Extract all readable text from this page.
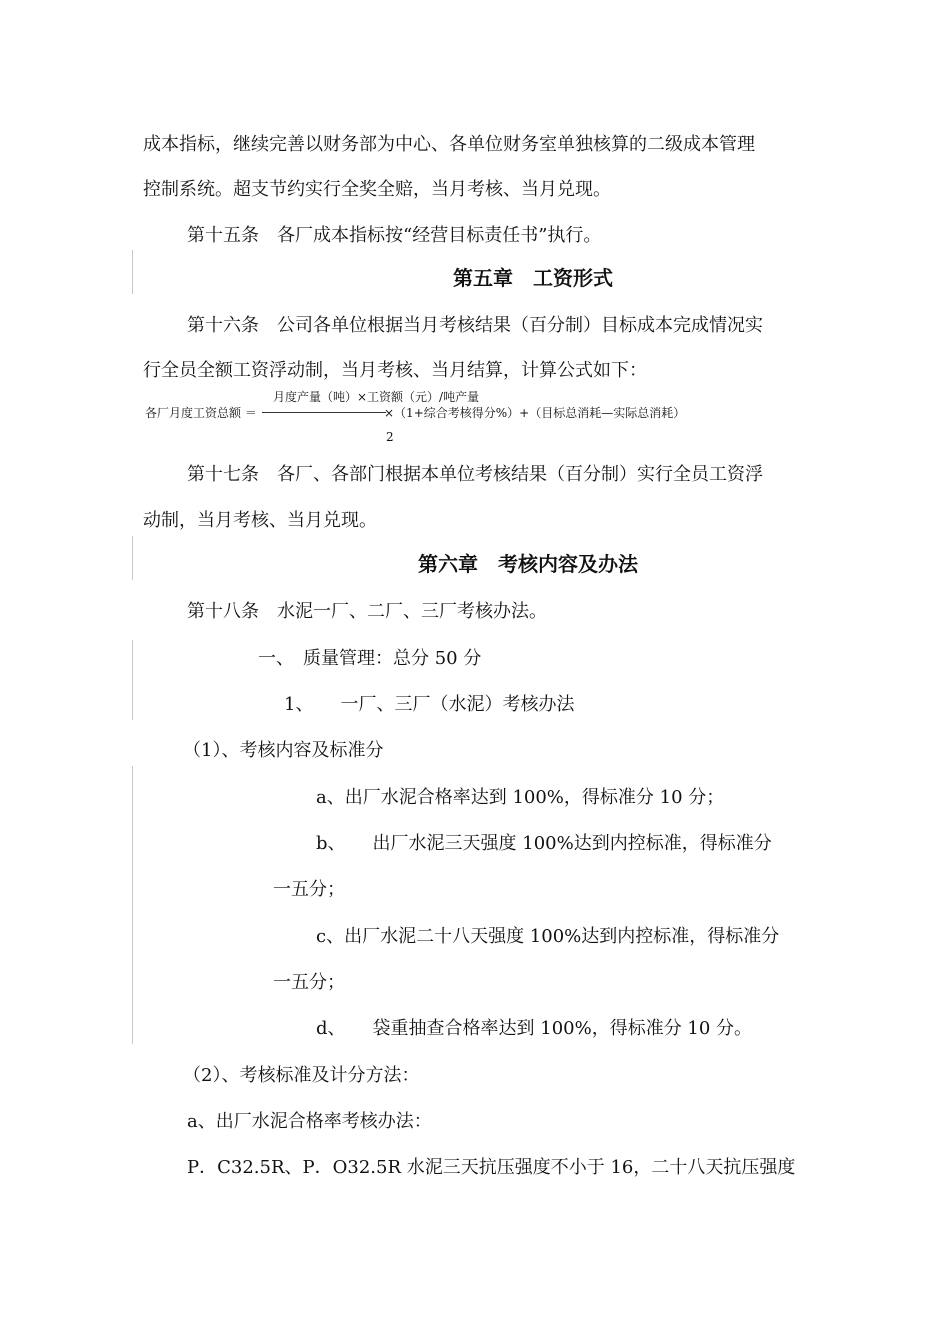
成本指标，继续完善以财务部为中心、各单位财务室单独核算的二级成本管理
控制系统。超支节约实行全奖全赔，当月考核、当月兑现。
第十五条　各厂成本指标按“经营目标责任书”执行。
第五章　工资形式
第十六条　公司各单位根据当月考核结果（百分制）目标成本完成情况实
行全员全额工资浮动制，当月考核、当月结算，计算公式如下：
月度产量（吨）×工资额（元）/吨产量
各厂月度工资总额 ＝	×（1+综合考核得分%）+（目标总消耗—实际总消耗）
2
第十七条　各厂、各部门根据本单位考核结果（百分制）实行全员工资浮
动制，当月考核、当月兑现。
第六章　考核内容及办法
第十八条　水泥一厂、二厂、三厂考核办法。
一、　质量管理：总分 50 分
1、　　一厂、三厂（水泥）考核办法
（1）、考核内容及标准分
a、出厂水泥合格率达到 100%，得标准分 10 分；
b、　　出厂水泥三天强度 100%达到内控标准，得标准分
一五分；
c、出厂水泥二十八天强度 100%达到内控标准，得标准分
一五分；
d、　　袋重抽查合格率达到 100%，得标准分 10 分。
（2）、考核标准及计分方法：
a、出厂水泥合格率考核办法：
P．C32.5R、P．O32.5R 水泥三天抗压强度不小于 16，二十八天抗压强度
